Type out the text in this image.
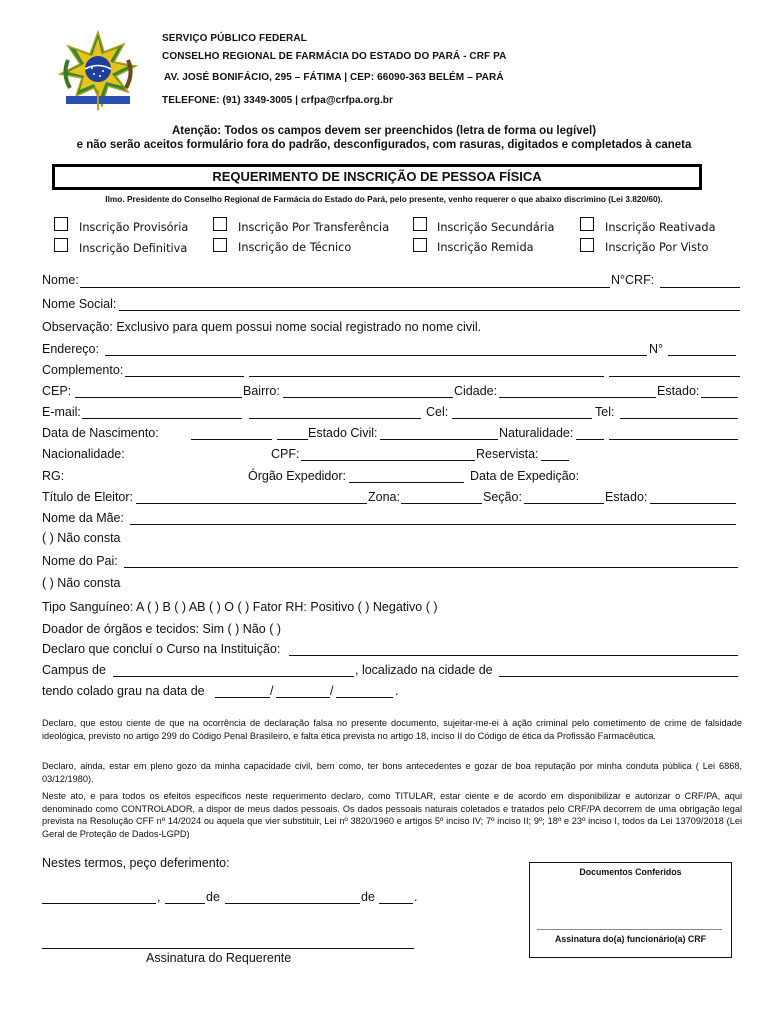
SERVIÇO PÚBLICO FEDERAL
CONSELHO REGIONAL DE FARMÁCIA DO ESTADO DO PARÁ - CRF PA
AV. JOSÉ BONIFÁCIO, 295 – FÁTIMA | CEP: 66090-363 BELÉM – PARÁ
TELEFONE: (91) 3349-3005 | crfpa@crfpa.org.br
Atenção: Todos os campos devem ser preenchidos (letra de forma ou legível)
e não serão aceitos formulário fora do padrão, desconfigurados, com rasuras, digitados e completados à caneta
REQUERIMENTO DE INSCRIÇÃO DE PESSOA FÍSICA
Ilmo. Presidente do Conselho Regional de Farmácia do Estado do Pará, pelo presente, venho requerer o que abaixo discrimino (Lei 3.820/60).
Inscrição Provisória	Inscrição Por Transferência	Inscrição Secundária	Inscrição Reativada
Inscrição Definitiva	Inscrição de Técnico	Inscrição Remida	Inscrição Por Visto
Nome:	N°CRF:
Nome Social:
Observação: Exclusivo para quem possui nome social registrado no nome civil.
Endereço:	N°
Complemento:
CEP:	Bairro:	Cidade:	Estado:
E-mail:	Cel:	Tel:
Data de Nascimento:	Estado Civil:	Naturalidade:
Nacionalidade:	CPF:	Reservista:
RG:	Órgão Expedidor:	Data de Expedição:
Título de Eleitor:	Zona:	Seção:	Estado:
Nome da Mãe:
( ) Não consta
Nome do Pai:
( ) Não consta
Tipo Sanguíneo: A ( ) B ( ) AB ( ) O ( ) Fator RH: Positivo ( ) Negativo ( )
Doador de órgãos e tecidos: Sim ( ) Não ( )
Declaro que concluí o Curso na Instituição:
Campus de	, localizado na cidade de
tendo colado grau na data de	/	/	.
Declaro, que estou ciente de que na ocorrência de declaração falsa no presente documento, sujeitar-me-ei à ação criminal pelo cometimento de crime de falsidade ideológica, previsto no artigo 299 do Código Penal Brasileiro, e falta ética prevista no artigo 18, inciso II do Código de ética da Profissão Farmacêutica.
Declaro, ainda, estar em pleno gozo da minha capacidade civil, bem como, ter bons antecedentes e gozar de boa reputação por minha conduta pública ( Lei 6868, 03/12/1980).
Neste ato, e para todos os efeitos específicos neste requerimento declaro, como TITULAR, estar ciente e de acordo em disponibilizar e autorizar o CRF/PA, aqui denominado como CONTROLADOR, a dispor de meus dados pessoais. Os dados pessoais naturais coletados e tratados pelo CRF/PA decorrem de uma obrigação legal prevista na Resolução CFF nº 14/2024 ou aquela que vier substituir, Lei nº 3820/1960 e artigos 5º inciso IV; 7º inciso II; 9º; 18º e 23º inciso I, todos da Lei 13709/2018 (Lei Geral de Proteção de Dados-LGPD)
Nestes termos, peço deferimento:
,	de	de	.
Assinatura do Requerente
Documentos Conferidos
Assinatura do(a) funcionário(a) CRF
